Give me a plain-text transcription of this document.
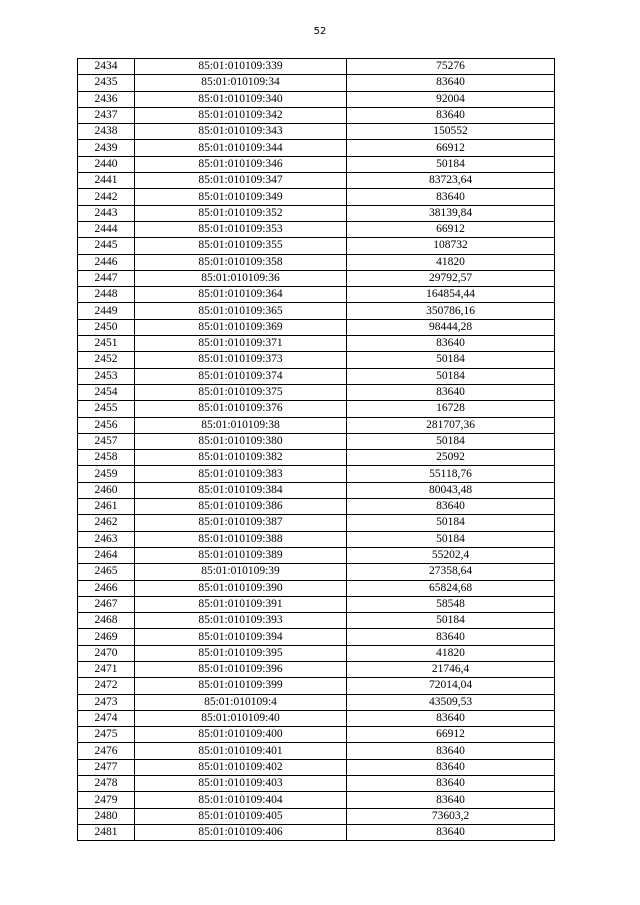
52
2434	85:01:010109:339	75276
2435	85:01:010109:34	83640
2436	85:01:010109:340	92004
2437	85:01:010109:342	83640
2438	85:01:010109:343	150552
2439	85:01:010109:344	66912
2440	85:01:010109:346	50184
2441	85:01:010109:347	83723,64
2442	85:01:010109:349	83640
2443	85:01:010109:352	38139,84
2444	85:01:010109:353	66912
2445	85:01:010109:355	108732
2446	85:01:010109:358	41820
2447	85:01:010109:36	29792,57
2448	85:01:010109:364	164854,44
2449	85:01:010109:365	350786,16
2450	85:01:010109:369	98444,28
2451	85:01:010109:371	83640
2452	85:01:010109:373	50184
2453	85:01:010109:374	50184
2454	85:01:010109:375	83640
2455	85:01:010109:376	16728
2456	85:01:010109:38	281707,36
2457	85:01:010109:380	50184
2458	85:01:010109:382	25092
2459	85:01:010109:383	55118,76
2460	85:01:010109:384	80043,48
2461	85:01:010109:386	83640
2462	85:01:010109:387	50184
2463	85:01:010109:388	50184
2464	85:01:010109:389	55202,4
2465	85:01:010109:39	27358,64
2466	85:01:010109:390	65824,68
2467	85:01:010109:391	58548
2468	85:01:010109:393	50184
2469	85:01:010109:394	83640
2470	85:01:010109:395	41820
2471	85:01:010109:396	21746,4
2472	85:01:010109:399	72014,04
2473	85:01:010109:4	43509,53
2474	85:01:010109:40	83640
2475	85:01:010109:400	66912
2476	85:01:010109:401	83640
2477	85:01:010109:402	83640
2478	85:01:010109:403	83640
2479	85:01:010109:404	83640
2480	85:01:010109:405	73603,2
2481	85:01:010109:406	83640
